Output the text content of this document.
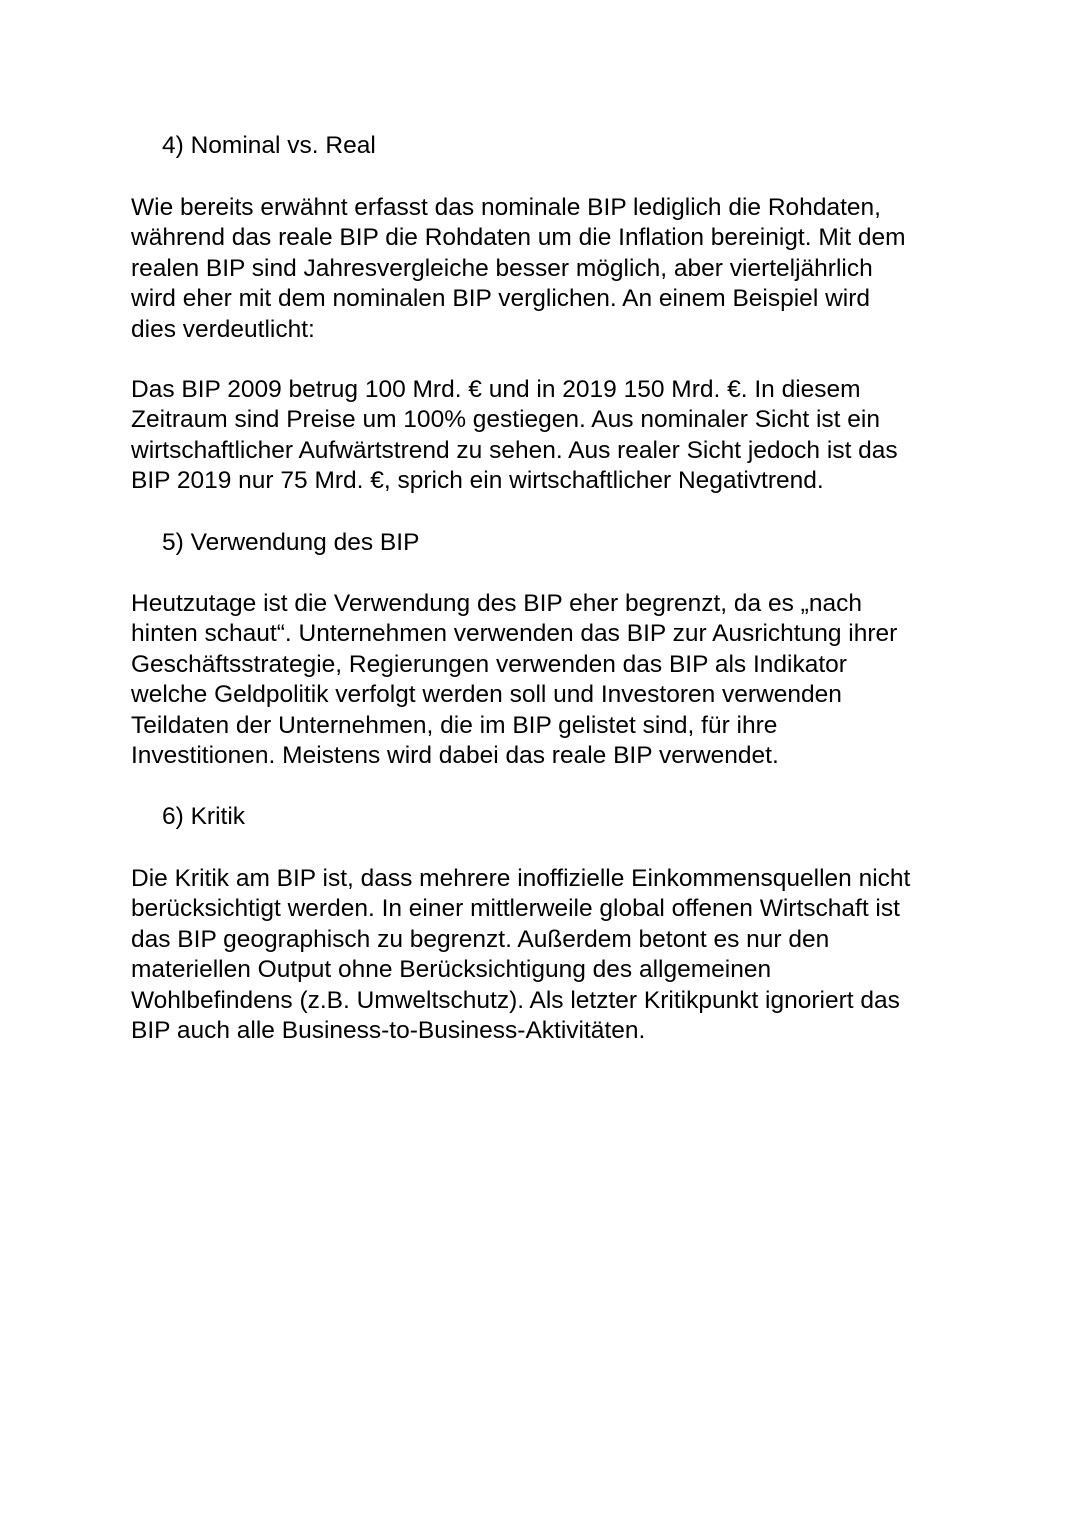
4) Nominal vs. Real

Wie bereits erwähnt erfasst das nominale BIP lediglich die Rohdaten,
während das reale BIP die Rohdaten um die Inflation bereinigt. Mit dem
realen BIP sind Jahresvergleiche besser möglich, aber vierteljährlich
wird eher mit dem nominalen BIP verglichen. An einem Beispiel wird
dies verdeutlicht:

Das BIP 2009 betrug 100 Mrd. € und in 2019 150 Mrd. €. In diesem
Zeitraum sind Preise um 100% gestiegen. Aus nominaler Sicht ist ein
wirtschaftlicher Aufwärtstrend zu sehen. Aus realer Sicht jedoch ist das
BIP 2019 nur 75 Mrd. €, sprich ein wirtschaftlicher Negativtrend.

5) Verwendung des BIP

Heutzutage ist die Verwendung des BIP eher begrenzt, da es „nach
hinten schaut“. Unternehmen verwenden das BIP zur Ausrichtung ihrer
Geschäftsstrategie, Regierungen verwenden das BIP als Indikator
welche Geldpolitik verfolgt werden soll und Investoren verwenden
Teildaten der Unternehmen, die im BIP gelistet sind, für ihre
Investitionen. Meistens wird dabei das reale BIP verwendet.

6) Kritik

Die Kritik am BIP ist, dass mehrere inoffizielle Einkommensquellen nicht
berücksichtigt werden. In einer mittlerweile global offenen Wirtschaft ist
das BIP geographisch zu begrenzt. Außerdem betont es nur den
materiellen Output ohne Berücksichtigung des allgemeinen
Wohlbefindens (z.B. Umweltschutz). Als letzter Kritikpunkt ignoriert das
BIP auch alle Business-to-Business-Aktivitäten.
